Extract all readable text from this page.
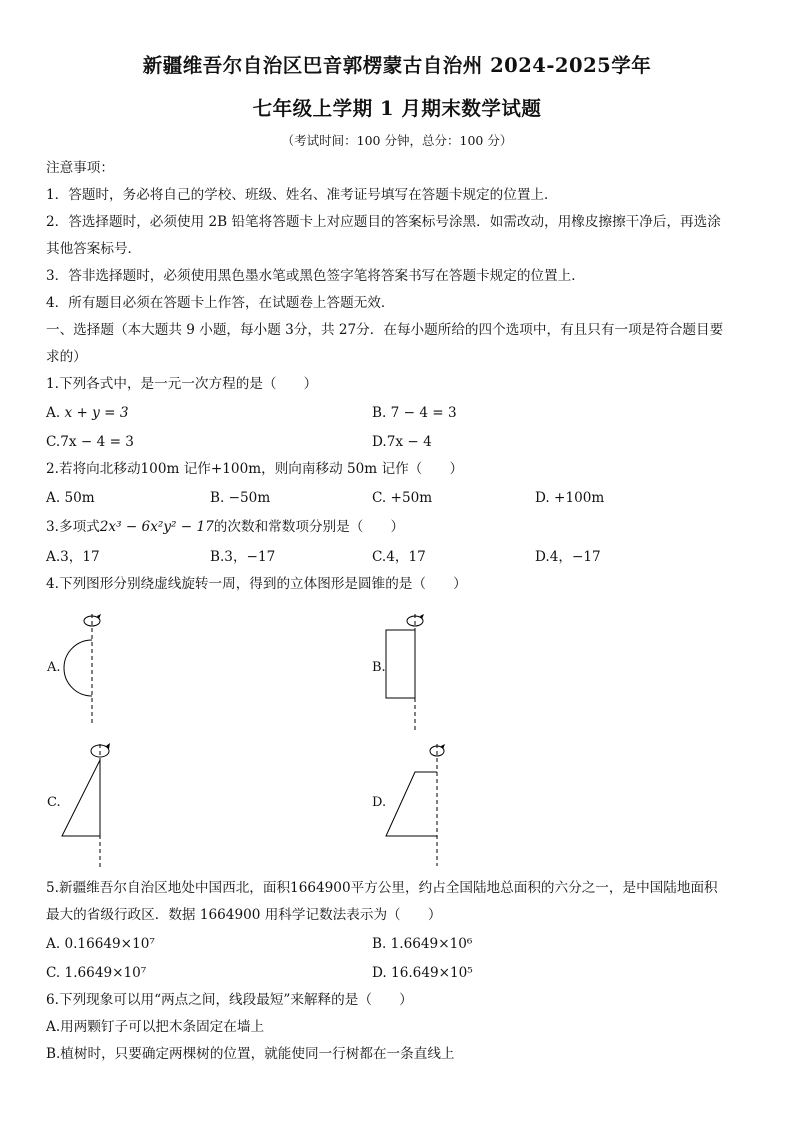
新疆维吾尔自治区巴音郭楞蒙古自治州 2024-2025学年
七年级上学期 1 月期末数学试题
（考试时间：100 分钟，总分：100 分）
注意事项：
1．答题时，务必将自己的学校、班级、姓名、准考证号填写在答题卡规定的位置上．
2．答选择题时，必须使用 2B 铅笔将答题卡上对应题目的答案标号涂黑．如需改动，用橡皮擦擦干净后，再选涂
其他答案标号．
3．答非选择题时，必须使用黑色墨水笔或黑色签字笔将答案书写在答题卡规定的位置上．
4．所有题目必须在答题卡上作答，在试题卷上答题无效．
一、选择题（本大题共 9 小题，每小题 3分，共 27分．在每小题所给的四个选项中，有且只有一项是符合题目要
求的）
1.下列各式中，是一元一次方程的是（　　）
A. x + y = 3	B. 7 − 4 = 3
C.7x − 4 = 3	D.7x − 4
2.若将向北移动100m 记作+100m，则向南移动 50m 记作（　　）
A. 50m	B. −50m	C. +50m	D. +100m
3.多项式2x³ − 6x²y² − 17的次数和常数项分别是（　　）
A.3，17	B.3，−17	C.4，17	D.4，−17
4.下列图形分别绕虚线旋转一周，得到的立体图形是圆锥的是（　　）
A.	B.
C.	D.
5.新疆维吾尔自治区地处中国西北，面积1664900平方公里，约占全国陆地总面积的六分之一，是中国陆地面积
最大的省级行政区．数据 1664900 用科学记数法表示为（　　）
A. 0.16649×10⁷	B. 1.6649×10⁶
C. 1.6649×10⁷	D. 16.649×10⁵
6.下列现象可以用“两点之间，线段最短”来解释的是（　　）
A.用两颗钉子可以把木条固定在墙上
B.植树时，只要确定两棵树的位置，就能使同一行树都在一条直线上
